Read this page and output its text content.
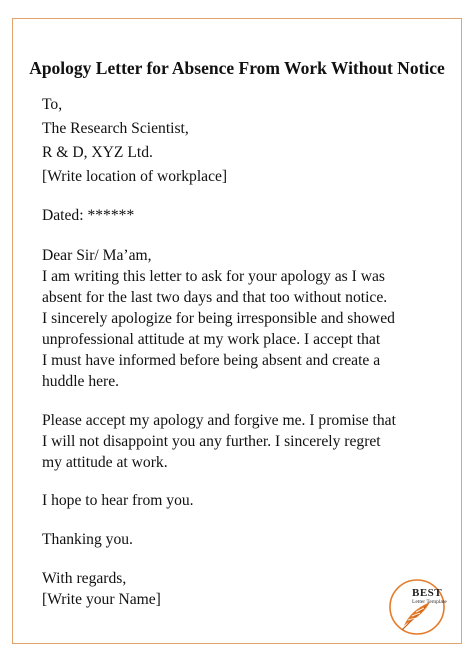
Apology Letter for Absence From Work Without Notice
To,
The Research Scientist,
R & D, XYZ Ltd.
[Write location of workplace]
Dated: ******
Dear Sir/ Ma’am,
I am writing this letter to ask for your apology as I was
absent for the last two days and that too without notice.
I sincerely apologize for being irresponsible and showed
unprofessional attitude at my work place. I accept that
I must have informed before being absent and create a
huddle here.
Please accept my apology and forgive me. I promise that
I will not disappoint you any further. I sincerely regret
my attitude at work.
I hope to hear from you.
Thanking you.
With regards,
[Write your Name]	BEST
Letter Template
